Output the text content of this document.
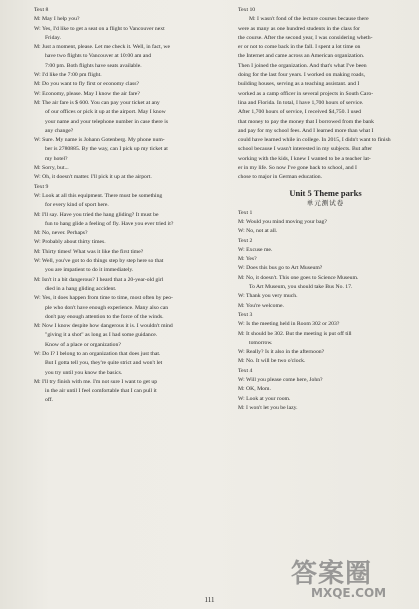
Text 8
M: May I help you?
W: Yes, I'd like to get a seat on a flight to Vancouver next
Friday.
M: Just a moment, please. Let me check it. Well, in fact, we
have two flights to Vancouver at 10:00 am and
7:00 pm. Both flights have seats available.
W: I'd like the 7:00 pm flight.
M: Do you want to fly first or economy class?
W: Economy, please. May I know the air fare?
M: The air fare is $ 600. You can pay your ticket at any
of our offices or pick it up at the airport. May I know
your name and your telephone number in case there is
any change?
W: Sure. My name is Johann Gotenberg. My phone num-
ber is 2780885. By the way, can I pick up my ticket at
my hotel?
M: Sorry, but...
W: Oh, it doesn't matter. I'll pick it up at the airport.
Text 9
W: Look at all this equipment. There must be something
for every kind of sport here.
M: I'll say. Have you tried the hang gliding? It must be
fun to hang glide a feeling of fly. Have you ever tried it?
M: No, never. Perhaps?
W: Probably about thirty times.
M: Thirty times! What was it like the first time?
W: Well, you've got to do things step by step here so that
you are impatient to do it immediately.
M: Isn't it a bit dangerous? I heard that a 20-year-old girl
died in a hang gliding accident.
W: Yes, it does happen from time to time, most often by peo-
ple who don't have enough experience. Many also can
don't pay enough attention to the force of the winds.
M: Now I know despite how dangerous it is. I wouldn't mind
"giving it a shot" as long as I had some guidance.
Know of a place or organization?
W: Do I? I belong to an organization that does just that.
But I gotta tell you, they're quite strict and won't let
you try until you know the basics.
M: I'll try finish with me. I'm not sure I want to get up
in the air until I feel comfortable that I can pull it
off.
Text 10
M: I wasn't fond of the lecture courses because there
were as many as one hundred students in the class for
the course. After the second year, I was considering wheth-
er or not to come back in the fall. I spent a lot time on
the Internet and came across an American organization.
Then I joined the organization. And that's what I've been
doing for the last four years. I worked on making roads,
building houses, serving as a teaching assistant. and I
worked as a camp officer in several projects in South Caro-
lina and Florida. In total, I have 1,700 hours of service.
After 1,700 hours of service, I received $4,750. I used
that money to pay the money that I borrowed from the bank
and pay for my school fees. And I learned more than what I
could have learned while in college. In 2015, I didn't want to finish
school because I wasn't interested in my subjects. But after
working with the kids, I knew I wanted to be a teacher lat-
er in my life. So now I've gone back to school, and I
chose to major in German education.
Unit 5 Theme parks
单元测试卷
Text 1
M: Would you mind moving your bag?
W: No, not at all.
Text 2
W: Excuse me.
M: Yes?
W: Does this bus go to Art Museum?
M: No, it doesn't. This one goes to Science Museum.
To Art Museum, you should take Bus No. 17.
W: Thank you very much.
M: You're welcome.
Text 3
W: Is the meeting held in Room 302 or 203?
M: It should be 302. But the meeting is put off till
tomorrow.
W: Really? Is it also in the afternoon?
M: No. It will be two o'clock.
Text 4
W: Will you please come here, John?
M: OK, Mom.
W: Look at your room.
M: I won't let you be lazy.
111
答案圈
MXQE.COM
